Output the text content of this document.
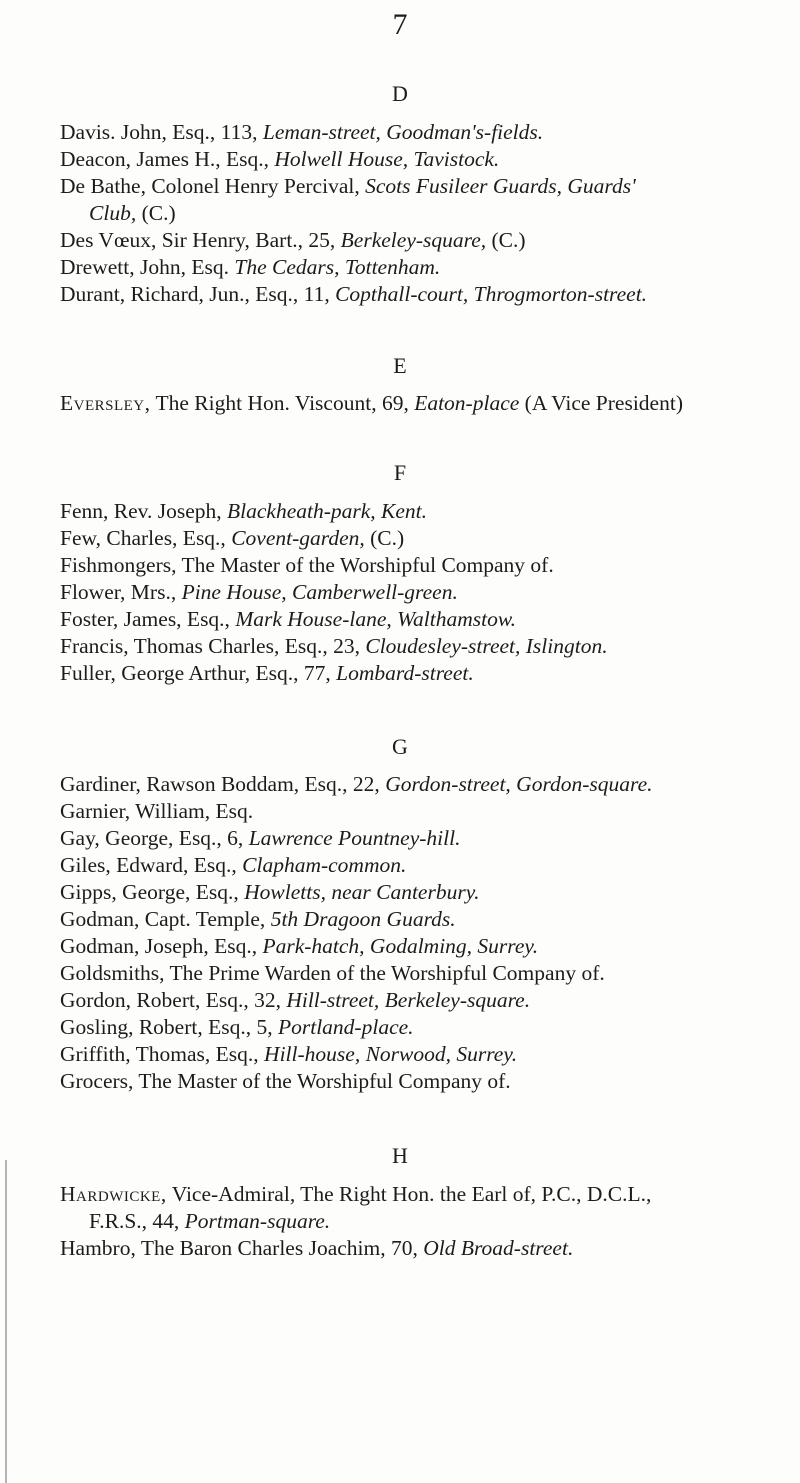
7
D
Davis. John, Esq., 113, Leman-street, Goodman's-fields.
Deacon, James H., Esq., Holwell House, Tavistock.
De Bathe, Colonel Henry Percival, Scots Fusileer Guards, Guards'
Club, (C.)
Des Vœux, Sir Henry, Bart., 25, Berkeley-square, (C.)
Drewett, John, Esq. The Cedars, Tottenham.
Durant, Richard, Jun., Esq., 11, Copthall-court, Throgmorton-street.
E
Eversley, The Right Hon. Viscount, 69, Eaton-place (A Vice President)
F
Fenn, Rev. Joseph, Blackheath-park, Kent.
Few, Charles, Esq., Covent-garden, (C.)
Fishmongers, The Master of the Worshipful Company of.
Flower, Mrs., Pine House, Camberwell-green.
Foster, James, Esq., Mark House-lane, Walthamstow.
Francis, Thomas Charles, Esq., 23, Cloudesley-street, Islington.
Fuller, George Arthur, Esq., 77, Lombard-street.
G
Gardiner, Rawson Boddam, Esq., 22, Gordon-street, Gordon-square.
Garnier, William, Esq.
Gay, George, Esq., 6, Lawrence Pountney-hill.
Giles, Edward, Esq., Clapham-common.
Gipps, George, Esq., Howletts, near Canterbury.
Godman, Capt. Temple, 5th Dragoon Guards.
Godman, Joseph, Esq., Park-hatch, Godalming, Surrey.
Goldsmiths, The Prime Warden of the Worshipful Company of.
Gordon, Robert, Esq., 32, Hill-street, Berkeley-square.
Gosling, Robert, Esq., 5, Portland-place.
Griffith, Thomas, Esq., Hill-house, Norwood, Surrey.
Grocers, The Master of the Worshipful Company of.
H
Hardwicke, Vice-Admiral, The Right Hon. the Earl of, P.C., D.C.L.,
F.R.S., 44, Portman-square.
Hambro, The Baron Charles Joachim, 70, Old Broad-street.
